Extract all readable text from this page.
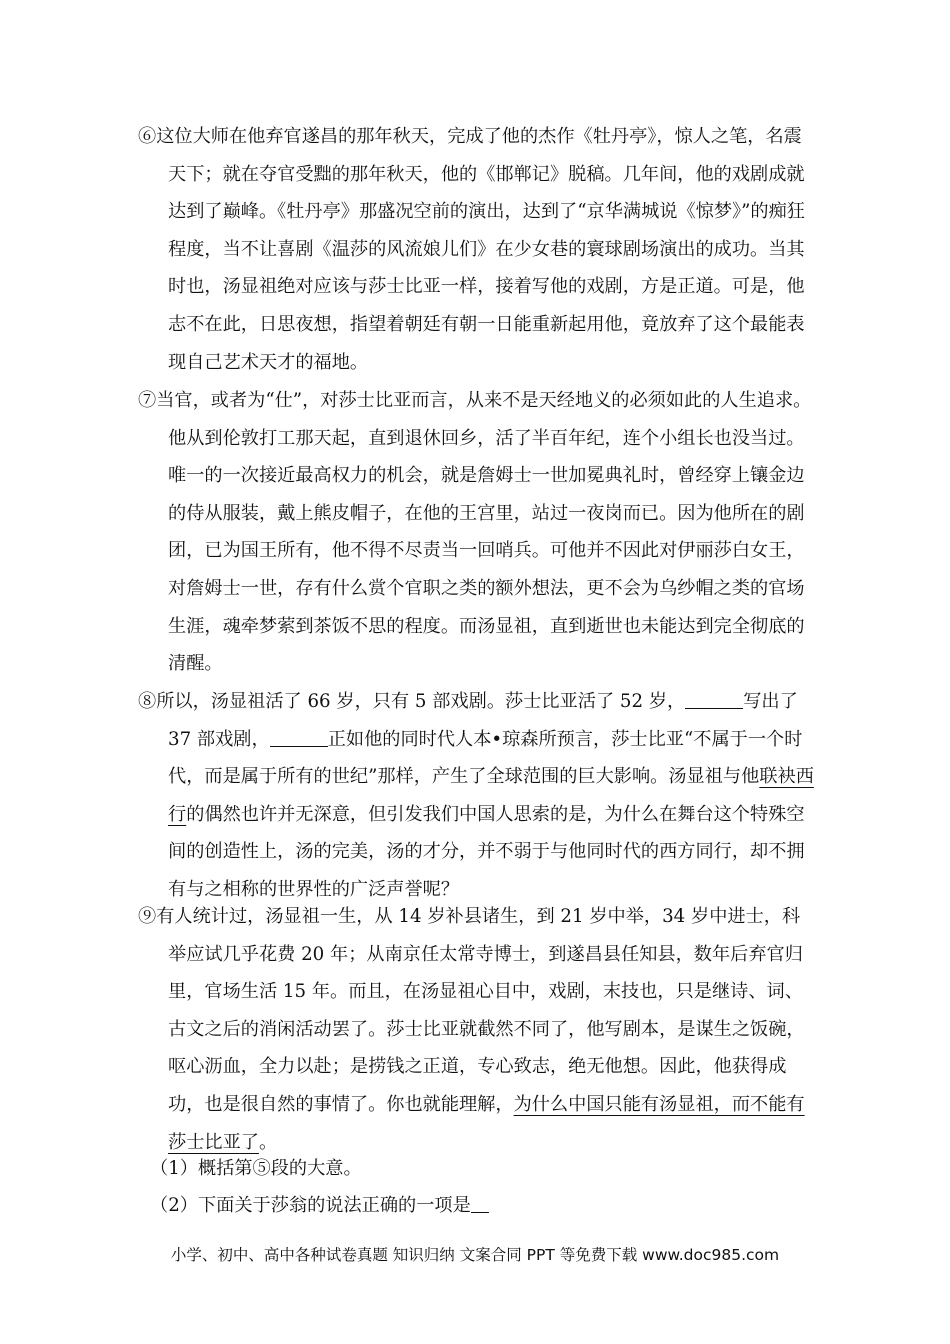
⑥这位大师在他弃官遂昌的那年秋天，完成了他的杰作《牡丹亭》，惊人之笔，名震天下；就在夺官受黜的那年秋天，他的《邯郸记》脱稿。几年间，他的戏剧成就达到了巅峰。《牡丹亭》那盛况空前的演出，达到了“京华满城说《惊梦》”的痴狂程度，当不让喜剧《温莎的风流娘儿们》在少女巷的寰球剧场演出的成功。当其时也，汤显祖绝对应该与莎士比亚一样，接着写他的戏剧，方是正道。可是，他志不在此，日思夜想，指望着朝廷有朝一日能重新起用他，竟放弃了这个最能表现自己艺术天才的福地。

⑦当官，或者为“仕”，对莎士比亚而言，从来不是天经地义的必须如此的人生追求。他从到伦敦打工那天起，直到退休回乡，活了半百年纪，连个小组长也没当过。唯一的一次接近最高权力的机会，就是詹姆士一世加冕典礼时，曾经穿上镶金边的侍从服装，戴上熊皮帽子，在他的王宫里，站过一夜岗而已。因为他所在的剧团，已为国王所有，他不得不尽责当一回哨兵。可他并不因此对伊丽莎白女王，对詹姆士一世，存有什么赏个官职之类的额外想法，更不会为乌纱帽之类的官场生涯，魂牵梦萦到茶饭不思的程度。而汤显祖，直到逝世也未能达到完全彻底的清醒。

⑧所以，汤显祖活了 66 岁，只有 5 部戏剧。莎士比亚活了 52 岁，	写出了 37 部戏剧，	正如他的同时代人本•琼森所预言，莎士比亚“不属于一个时代，而是属于所有的世纪”那样，产生了全球范围的巨大影响。汤显祖与他联袂西行的偶然也许并无深意，但引发我们中国人思索的是，为什么在舞台这个特殊空间的创造性上，汤的完美，汤的才分，并不弱于与他同时代的西方同行，却不拥有与之相称的世界性的广泛声誉呢？

⑨有人统计过，汤显祖一生，从 14 岁补县诸生，到 21 岁中举，34 岁中进士，科举应试几乎花费 20 年；从南京任太常寺博士，到遂昌县任知县，数年后弃官归里，官场生活 15 年。而且，在汤显祖心目中，戏剧，末技也，只是继诗、词、古文之后的消闲活动罢了。莎士比亚就截然不同了，他写剧本，是谋生之饭碗，呕心沥血，全力以赴；是捞钱之正道，专心致志，绝无他想。因此，他获得成功，也是很自然的事情了。你也就能理解，为什么中国只能有汤显祖，而不能有莎士比亚了。

（1）概括第⑤段的大意。
（2）下面关于莎翁的说法正确的一项是
小学、初中、高中各种试卷真题 知识归纳 文案合同 PPT 等免费下载 www.doc985.com
